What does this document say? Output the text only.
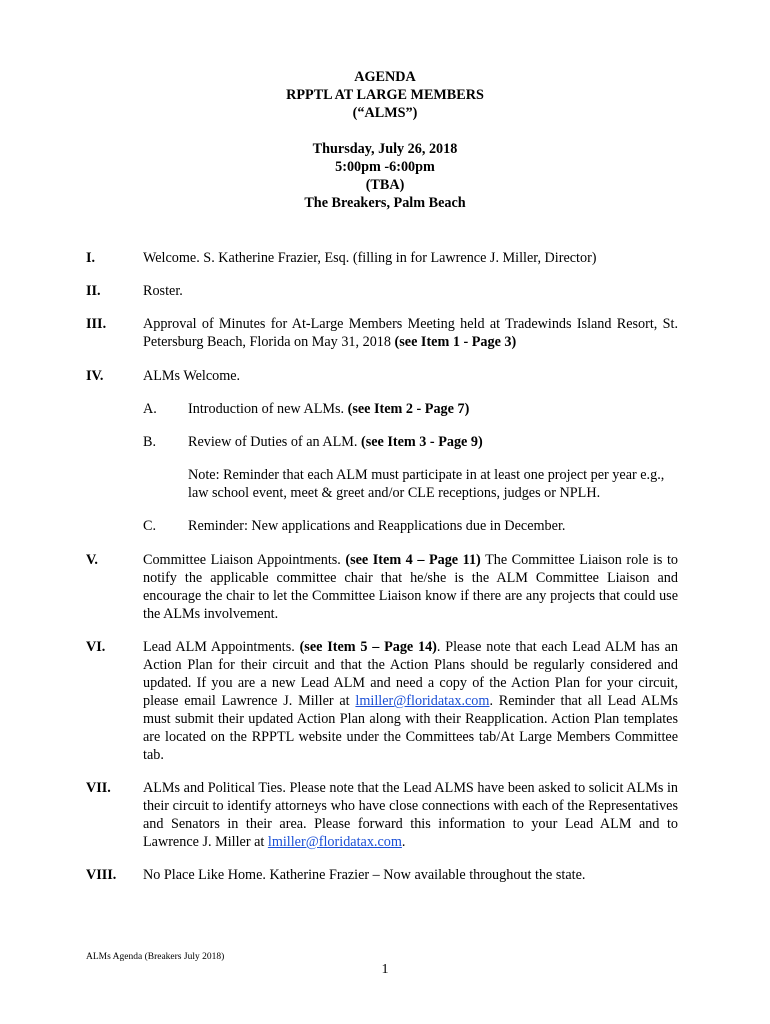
AGENDA
RPPTL AT LARGE MEMBERS
(“ALMS”)
Thursday, July 26, 2018
5:00pm -6:00pm
(TBA)
The Breakers, Palm Beach
I.	Welcome. S. Katherine Frazier, Esq. (filling in for Lawrence J. Miller, Director)
II.	Roster.
III.	Approval of Minutes for At-Large Members Meeting held at Tradewinds Island Resort, St. Petersburg Beach, Florida on May 31, 2018 (see Item 1 - Page 3)
IV.	ALMs Welcome.
A. Introduction of new ALMs. (see Item 2 - Page 7)
B. Review of Duties of an ALM. (see Item 3 - Page 9)
Note: Reminder that each ALM must participate in at least one project per year e.g., law school event, meet & greet and/or CLE receptions, judges or NPLH.
C. Reminder: New applications and Reapplications due in December.
V.	Committee Liaison Appointments. (see Item 4 – Page 11) The Committee Liaison role is to notify the applicable committee chair that he/she is the ALM Committee Liaison and encourage the chair to let the Committee Liaison know if there are any projects that could use the ALMs involvement.
VI.	Lead ALM Appointments. (see Item 5 – Page 14). Please note that each Lead ALM has an Action Plan for their circuit and that the Action Plans should be regularly considered and updated. If you are a new Lead ALM and need a copy of the Action Plan for your circuit, please email Lawrence J. Miller at lmiller@floridatax.com. Reminder that all Lead ALMs must submit their updated Action Plan along with their Reapplication. Action Plan templates are located on the RPPTL website under the Committees tab/At Large Members Committee tab.
VII.	ALMs and Political Ties. Please note that the Lead ALMS have been asked to solicit ALMs in their circuit to identify attorneys who have close connections with each of the Representatives and Senators in their area. Please forward this information to your Lead ALM and to Lawrence J. Miller at lmiller@floridatax.com.
VIII.	No Place Like Home. Katherine Frazier – Now available throughout the state.
ALMs Agenda (Breakers July 2018)
1
